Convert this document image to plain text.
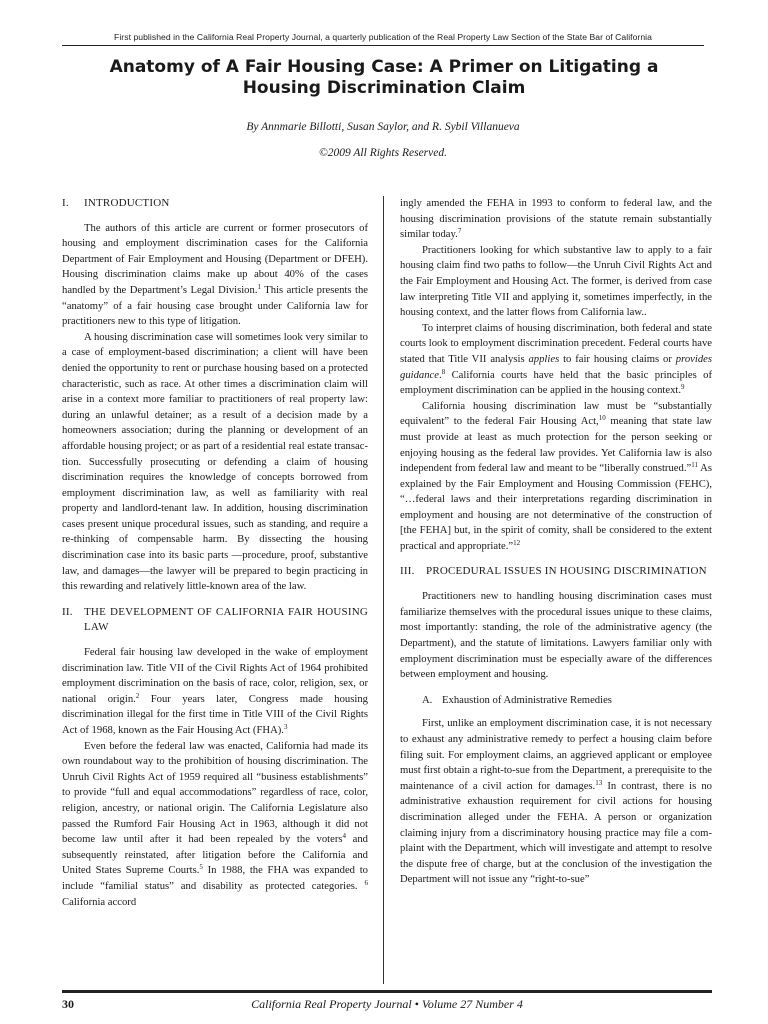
First published in the California Real Property Journal, a quarterly publication of the Real Property Law Section of the State Bar of California
Anatomy of A Fair Housing Case: A Primer on Litigating a Housing Discrimination Claim
By Annmarie Billotti, Susan Saylor, and R. Sybil Villanueva
©2009 All Rights Reserved.
I.	INTRODUCTION

The authors of this article are current or former prosecutors of housing and employment discrimination cases for the California Department of Fair Employment and Housing (Department or DFEH). Housing discrimination claims make up about 40% of the cases handled by the Department’s Legal Division.$^1$ This article presents the “anatomy” of a fair housing case brought under California law for practitioners new to this type of litigation.

A housing discrimination case will sometimes look very similar to a case of employment-based discrimination; a client will have been denied the opportunity to rent or purchase housing based on a protected characteristic, such as race. At other times a discrimination claim will arise in a context more familiar to practitioners of real property law: during an unlawful detainer; as a result of a decision made by a homeowners association; during the planning or development of an affordable housing project; or as part of a residential real estate transaction. Successfully prosecuting or defending a claim of housing discrimination requires the knowledge of concepts borrowed from employment discrimination law, as well as familiarity with real property and landlord-tenant law. In addition, housing discrimination cases present unique procedural issues, such as standing, and require a re-thinking of compensable harm. By dissecting the housing discrimination case into its basic parts —procedure, proof, substantive law, and damages—the lawyer will be prepared to begin practicing in this rewarding and relatively little-known area of the law.

II.	THE DEVELOPMENT OF CALIFORNIA FAIR HOUSING LAW

Federal fair housing law developed in the wake of employment discrimination law. Title VII of the Civil Rights Act of 1964 prohibited employment discrimination on the basis of race, color, religion, sex, or national origin.$^2$ Four years later, Congress made housing discrimination illegal for the first time in Title VIII of the Civil Rights Act of 1968, known as the Fair Housing Act (FHA).$^3$

Even before the federal law was enacted, California had made its own roundabout way to the prohibition of housing discrimination. The Unruh Civil Rights Act of 1959 required all “business establishments” to provide “full and equal accommodations” regardless of race, color, religion, ancestry, or national origin. The California Legislature also passed the Rumford Fair Housing Act in 1963, although it did not become law until after it had been repealed by the voters$^4$ and subsequently reinstated, after litigation before the California and United States Supreme Courts.$^5$ In 1988, the FHA was expanded to include “familial status” and disability as protected categories. $^6$ California accord

ingly amended the FEHA in 1993 to conform to federal law, and the housing discrimination provisions of the statute remain substantially similar today.$^7$

Practitioners looking for which substantive law to apply to a fair housing claim find two paths to follow—the Unruh Civil Rights Act and the Fair Employment and Housing Act. The former, is derived from case law interpreting Title VII and applying it, sometimes imperfectly, in the housing context, and the latter flows from California law..

To interpret claims of housing discrimination, both federal and state courts look to employment discrimination precedent. Federal courts have stated that Title VII analysis applies to fair housing claims or provides guidance.$^8$ California courts have held that the basic principles of employment discrimination can be applied in the housing context.$^9$

California housing discrimination law must be “substantially equivalent” to the federal Fair Housing Act,$^{10}$ meaning that state law must provide at least as much protection for the person seeking or enjoying housing as the federal law provides. Yet California law is also independent from federal law and meant to be “liberally construed.”$^{11}$ As explained by the Fair Employment and Housing Commission (FEHC), “…federal laws and their interpretations regarding discrimination in employment and housing are not determinative of the construction of [the FEHA] but, in the spirit of comity, shall be considered to the extent practical and appropriate.”$^{12}$

III.	PROCEDURAL ISSUES IN HOUSING DISCRIMINATION

Practitioners new to handling housing discrimination cases must familiarize themselves with the procedural issues unique to these claims, most importantly: standing, the role of the administrative agency (the Department), and the statute of limitations. Lawyers familiar only with employment discrimination must be especially aware of the differences between employment and housing.

A. Exhaustion of Administrative Remedies

First, unlike an employment discrimination case, it is not necessary to exhaust any administrative remedy to perfect a housing claim before filing suit. For employment claims, an aggrieved applicant or employee must first obtain a right-to-sue from the Department, a prerequisite to the maintenance of a civil action for damages.$^{13}$ In contrast, there is no administrative exhaustion requirement for civil actions for housing discrimination alleged under the FEHA. A person or organization claiming injury from a discriminatory housing practice may file a complaint with the Department, which will investigate and attempt to resolve the dispute free of charge, but at the conclusion of the investigation the Department will not issue any “right-to-sue”

30	California Real Property Journal • Volume 27 Number 4
